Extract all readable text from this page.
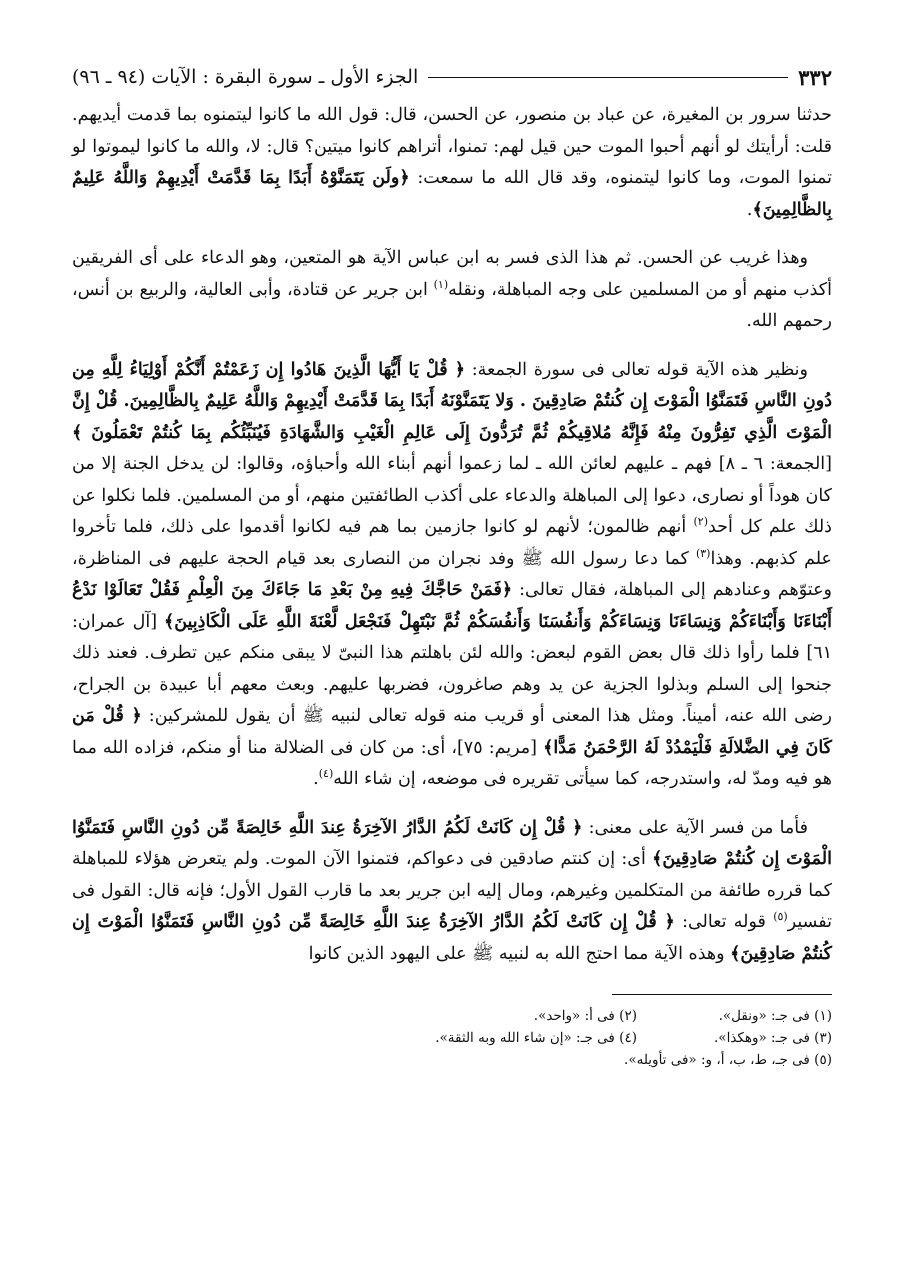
٣٣٢
الجزء الأول ـ سورة البقرة : الآيات (٩٤ ـ ٩٦)

حدثنا سرور بن المغيرة، عن عباد بن منصور، عن الحسن، قال: قول الله ما كانوا ليتمنوه بما قدمت أيديهم. قلت: أرأيتك لو أنهم أحبوا الموت حين قيل لهم: تمنوا، أتراهم كانوا ميتين؟ قال: لا، والله ما كانوا ليموتوا لو تمنوا الموت، وما كانوا ليتمنوه، وقد قال الله ما سمعت: ﴿ولَن يَتَمَنَّوْهُ أَبَدًا بِمَا قَدَّمَتْ أَيْدِيهِمْ وَاللَّهُ عَلِيمٌ بِالظَّالِمِينَ﴾.

وهذا غريب عن الحسن. ثم هذا الذى فسر به ابن عباس الآية هو المتعين، وهو الدعاء على أى الفريقين أكذب منهم أو من المسلمين على وجه المباهلة، ونقله$^{(١)}$ ابن جرير عن قتادة، وأبى العالية، والربيع بن أنس، رحمهم الله.

ونظير هذه الآية قوله تعالى فى سورة الجمعة: ﴿ قُلْ يَا أَيُّهَا الَّذِينَ هَادُوا إِن زَعَمْتُمْ أَنَّكُمْ أَوْلِيَاءُ لِلَّهِ مِن دُونِ النَّاسِ فَتَمَنَّوُا الْمَوْتَ إِن كُنتُمْ صَادِقِينَ . وَلا يَتَمَنَّوْنَهُ أَبَدًا بِمَا قَدَّمَتْ أَيْدِيهِمْ وَاللَّهُ عَلِيمٌ بِالظَّالِمِينَ. قُلْ إِنَّ الْمَوْتَ الَّذِي تَفِرُّونَ مِنْهُ فَإِنَّهُ مُلاقِيكُمْ ثُمَّ تُرَدُّونَ إِلَى عَالِمِ الْغَيْبِ وَالشَّهَادَةِ فَيُنَبِّئُكُم بِمَا كُنتُمْ تَعْمَلُونَ ﴾ [الجمعة: ٦ ـ ٨] فهم ـ عليهم لعائن الله ـ لما زعموا أنهم أبناء الله وأحباؤه، وقالوا: لن يدخل الجنة إلا من كان هوداً أو نصارى، دعوا إلى المباهلة والدعاء على أكذب الطائفتين منهم، أو من المسلمين. فلما نكلوا عن ذلك علم كل أحد$^{(٢)}$ أنهم ظالمون؛ لأنهم لو كانوا جازمين بما هم فيه لكانوا أقدموا على ذلك، فلما تأخروا علم كذبهم. وهذا$^{(٣)}$ كما دعا رسول الله ﷺ وفد نجران من النصارى بعد قيام الحجة عليهم فى المناظرة، وعتوّهم وعنادهم إلى المباهلة، فقال تعالى: ﴿فَمَنْ حَاجَّكَ فِيهِ مِنْ بَعْدِ مَا جَاءَكَ مِنَ الْعِلْمِ فَقُلْ تَعَالَوْا نَدْعُ أَبْنَاءَنَا وَأَبْنَاءَكُمْ وَنِسَاءَنَا وَنِسَاءَكُمْ وَأَنفُسَنَا وَأَنفُسَكُمْ ثُمَّ نَبْتَهِلْ فَنَجْعَل لَّعْنَةَ اللَّهِ عَلَى الْكَاذِبِينَ﴾ [آل عمران: ٦١] فلما رأوا ذلك قال بعض القوم لبعض: والله لئن باهلتم هذا النبىّ لا يبقى منكم عين تطرف. فعند ذلك جنحوا إلى السلم وبذلوا الجزية عن يد وهم صاغرون، فضربها عليهم. وبعث معهم أبا عبيدة بن الجراح، رضى الله عنه، أميناً. ومثل هذا المعنى أو قريب منه قوله تعالى لنبيه ﷺ أن يقول للمشركين: ﴿ قُلْ مَن كَانَ فِي الضَّلالَةِ فَلْيَمْدُدْ لَهُ الرَّحْمَنُ مَدًّا﴾ [مريم: ٧٥]، أى: من كان فى الضلالة منا أو منكم، فزاده الله مما هو فيه ومدّ له، واستدرجه، كما سيأتى تقريره فى موضعه، إن شاء الله$^{(٤)}$.

فأما من فسر الآية على معنى: ﴿ قُلْ إِن كَانَتْ لَكُمُ الدَّارُ الآخِرَةُ عِندَ اللَّهِ خَالِصَةً مِّن دُونِ النَّاسِ فَتَمَنَّوُا الْمَوْتَ إِن كُنتُمْ صَادِقِينَ﴾ أى: إن كنتم صادقين فى دعواكم، فتمنوا الآن الموت. ولم يتعرض هؤلاء للمباهلة كما قرره طائفة من المتكلمين وغيرهم، ومال إليه ابن جرير بعد ما قارب القول الأول؛ فإنه قال: القول فى تفسير$^{(٥)}$ قوله تعالى: ﴿ قُلْ إِن كَانَتْ لَكُمُ الدَّارُ الآخِرَةُ عِندَ اللَّهِ خَالِصَةً مِّن دُونِ النَّاسِ فَتَمَنَّوُا الْمَوْتَ إِن كُنتُمْ صَادِقِينَ﴾ وهذه الآية مما احتج الله به لنبيه ﷺ على اليهود الذين كانوا

(١) فى جـ: «ونقل».
(٢) فى أ: «واحد».
(٣) فى جـ: «وهكذا».
(٤) فى جـ: «إن شاء الله وبه الثقة».
(٥) فى جـ، ط، ب، أ، و: «فى تأويله».
